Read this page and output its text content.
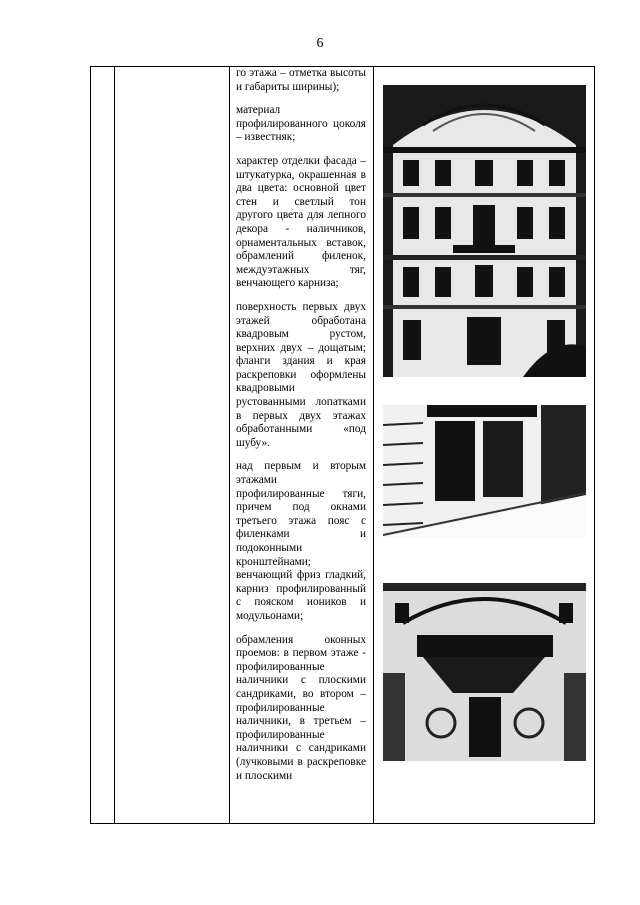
6

го этажа – отметка высоты и габариты ширины);

материал профилированного цоколя – известняк;

характер отделки фасада – штукатурка, окрашенная в два цвета: основной цвет стен и светлый тон другого цвета для лепного декора - наличников, орнаментальных вставок, обрамлений филенок, междуэтажных тяг, венчающего карниза;

поверхность первых двух этажей обработана квадровым рустом, верхних двух – дощатым; фланги здания и края раскреповки оформлены квадровыми рустованными лопатками в первых двух этажах обработанными «под шубу».

над первым и вторым этажами профилированные тяги, причем под окнами третьего этажа пояс с филенками и подоконными кронштейнами; венчающий фриз гладкий, карниз профилированный с пояском иоников и модульонами;

обрамления оконных проемов: в первом этаже - профилированные наличники с плоскими сандриками, во втором – профилированные наличники, в третьем – профилированные наличники с сандриками (лучковыми в раскреповке и плоскими
